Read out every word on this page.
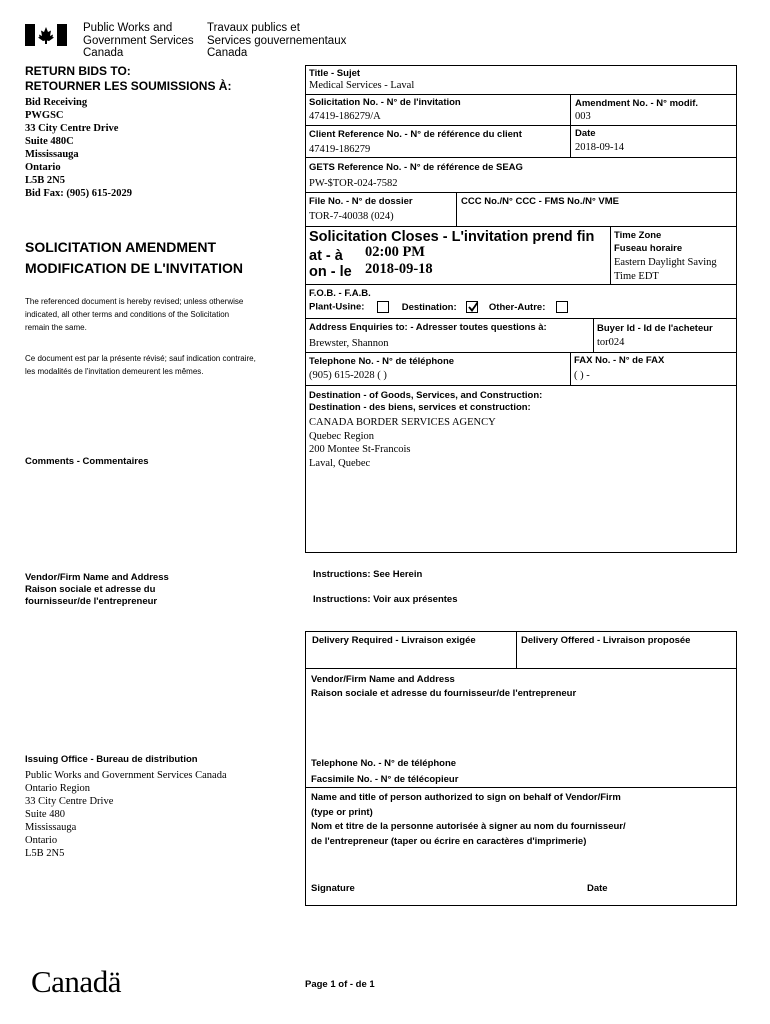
Public Works and
Government Services
Canada
Travaux publics et
Services gouvernementaux
Canada
RETURN BIDS TO:
RETOURNER LES SOUMISSIONS À:
Bid Receiving
PWGSC
33 City Centre Drive
Suite 480C
Mississauga
Ontario
L5B 2N5
Bid Fax: (905) 615-2029
SOLICITATION AMENDMENT
MODIFICATION DE L'INVITATION
The referenced document is hereby revised; unless otherwise
indicated, all other terms and conditions of the Solicitation
remain the same.
Ce document est par la présente révisé; sauf indication contraire,
les modalités de l'invitation demeurent les mêmes.
Comments - Commentaires
Vendor/Firm Name and Address
Raison sociale et adresse du
fournisseur/de l'entrepreneur
Issuing Office - Bureau de distribution
Public Works and Government Services Canada
Ontario Region
33 City Centre Drive
Suite 480
Mississauga
Ontario
L5B 2N5
Title - Sujet
Medical Services - Laval
Solicitation No. - N° de l'invitation
47419-186279/A
Amendment No. - N° modif.
003
Client Reference No. - N° de référence du client
47419-186279
Date
2018-09-14
GETS Reference No. - N° de référence de SEAG
PW-$TOR-024-7582
File No. - N° de dossier
TOR-7-40038 (024)
CCC No./N° CCC - FMS No./N° VME
Solicitation Closes - L'invitation prend fin
at - à 02:00 PM
on - le 2018-09-18
Time Zone
Fuseau horaire
Eastern Daylight Saving
Time EDT
F.O.B. - F.A.B.
Plant-Usine:	Destination:	Other-Autre:
Address Enquiries to: - Adresser toutes questions à:
Brewster, Shannon
Buyer Id - Id de l'acheteur
tor024
Telephone No. - N° de téléphone
(905) 615-2028 ( )
FAX No. - N° de FAX
( ) -
Destination - of Goods, Services, and Construction:
Destination - des biens, services et construction:
CANADA BORDER SERVICES AGENCY
Quebec Region
200 Montee St-Francois
Laval, Quebec
Instructions: See Herein
Instructions: Voir aux présentes
Delivery Required - Livraison exigée	Delivery Offered - Livraison proposée
Vendor/Firm Name and Address
Raison sociale et adresse du fournisseur/de l'entrepreneur
Telephone No. - N° de téléphone
Facsimile No. - N° de télécopieur
Name and title of person authorized to sign on behalf of Vendor/Firm
(type or print)
Nom et titre de la personne autorisée à signer au nom du fournisseur/
de l'entrepreneur (taper ou écrire en caractères d'imprimerie)
Signature	Date
Canadä	Page 1 of - de 1
